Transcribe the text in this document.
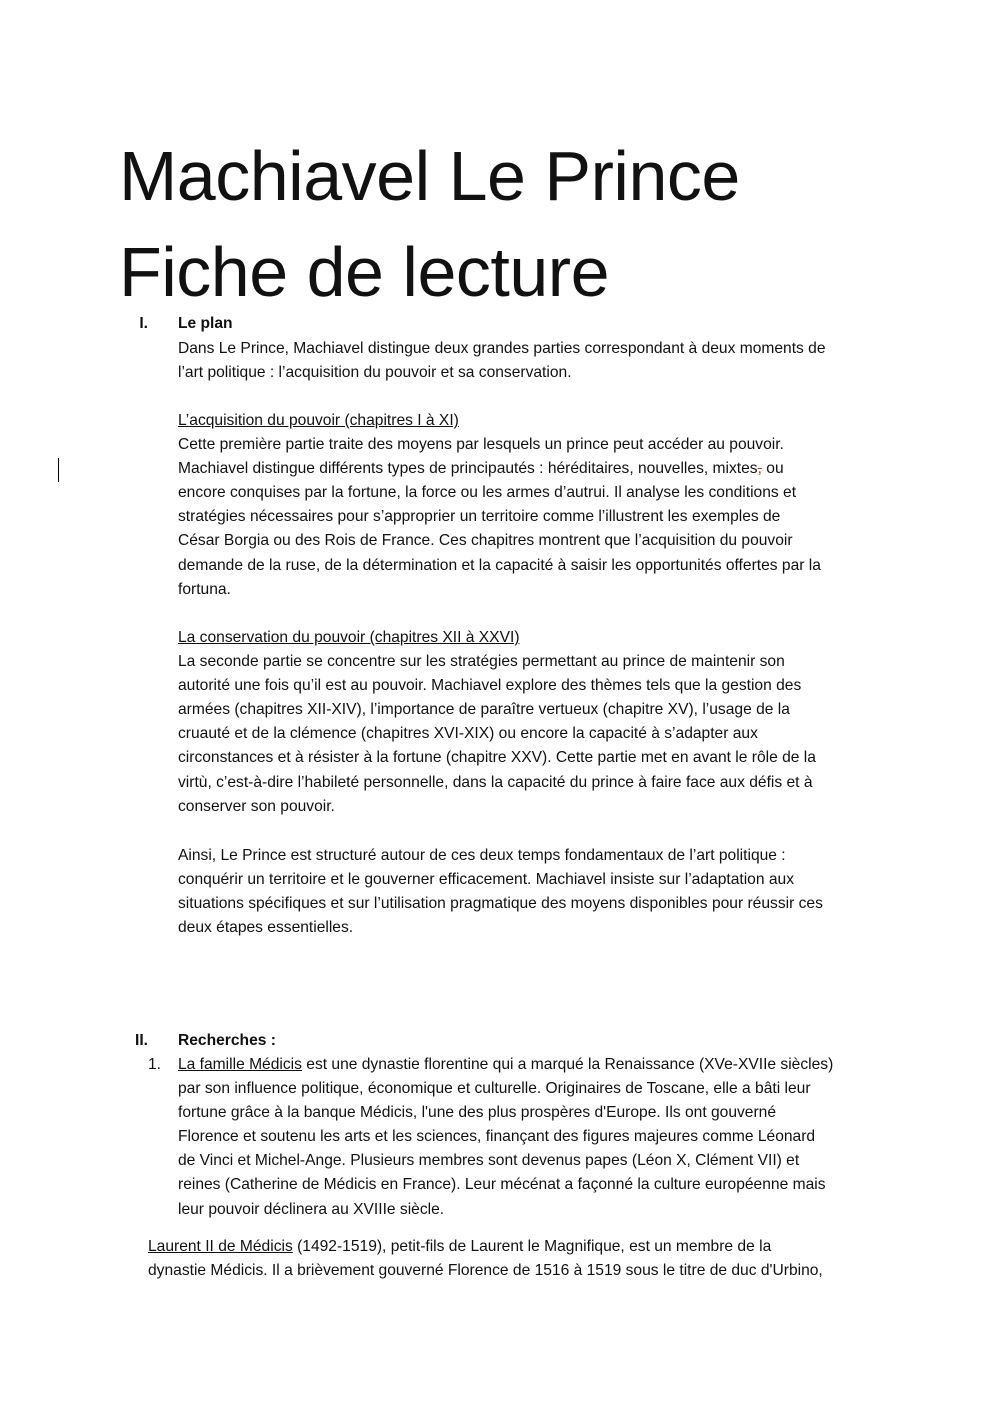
Machiavel Le Prince
Fiche de lecture
I. Le plan

Dans Le Prince, Machiavel distingue deux grandes parties correspondant à deux moments de

l’art politique : l’acquisition du pouvoir et sa conservation.

L’acquisition du pouvoir (chapitres I à XI)

Cette première partie traite des moyens par lesquels un prince peut accéder au pouvoir.

Machiavel distingue différents types de principautés : héréditaires, nouvelles, mixtes, ou

encore conquises par la fortune, la force ou les armes d’autrui. Il analyse les conditions et

stratégies nécessaires pour s’approprier un territoire comme l’illustrent les exemples de

César Borgia ou des Rois de France. Ces chapitres montrent que l’acquisition du pouvoir

demande de la ruse, de la détermination et la capacité à saisir les opportunités offertes par la

fortuna.

La conservation du pouvoir (chapitres XII à XXVI)

La seconde partie se concentre sur les stratégies permettant au prince de maintenir son

autorité une fois qu’il est au pouvoir. Machiavel explore des thèmes tels que la gestion des

armées (chapitres XII-XIV), l’importance de paraître vertueux (chapitre XV), l’usage de la

cruauté et de la clémence (chapitres XVI-XIX) ou encore la capacité à s’adapter aux

circonstances et à résister à la fortune (chapitre XXV). Cette partie met en avant le rôle de la

virtù, c’est-à-dire l’habileté personnelle, dans la capacité du prince à faire face aux défis et à

conserver son pouvoir.

Ainsi, Le Prince est structuré autour de ces deux temps fondamentaux de l’art politique :

conquérir un territoire et le gouverner efficacement. Machiavel insiste sur l’adaptation aux

situations spécifiques et sur l’utilisation pragmatique des moyens disponibles pour réussir ces

deux étapes essentielles.

II. Recherches :
1. La famille Médicis est une dynastie florentine qui a marqué la Renaissance (XVe-XVIIe siècles)

par son influence politique, économique et culturelle. Originaires de Toscane, elle a bâti leur

fortune grâce à la banque Médicis, l'une des plus prospères d'Europe. Ils ont gouverné

Florence et soutenu les arts et les sciences, finançant des figures majeures comme Léonard

de Vinci et Michel-Ange. Plusieurs membres sont devenus papes (Léon X, Clément VII) et

reines (Catherine de Médicis en France). Leur mécénat a façonné la culture européenne mais

leur pouvoir déclinera au XVIIIe siècle.

Laurent II de Médicis (1492-1519), petit-fils de Laurent le Magnifique, est un membre de la

dynastie Médicis. Il a brièvement gouverné Florence de 1516 à 1519 sous le titre de duc d'Urbino,
